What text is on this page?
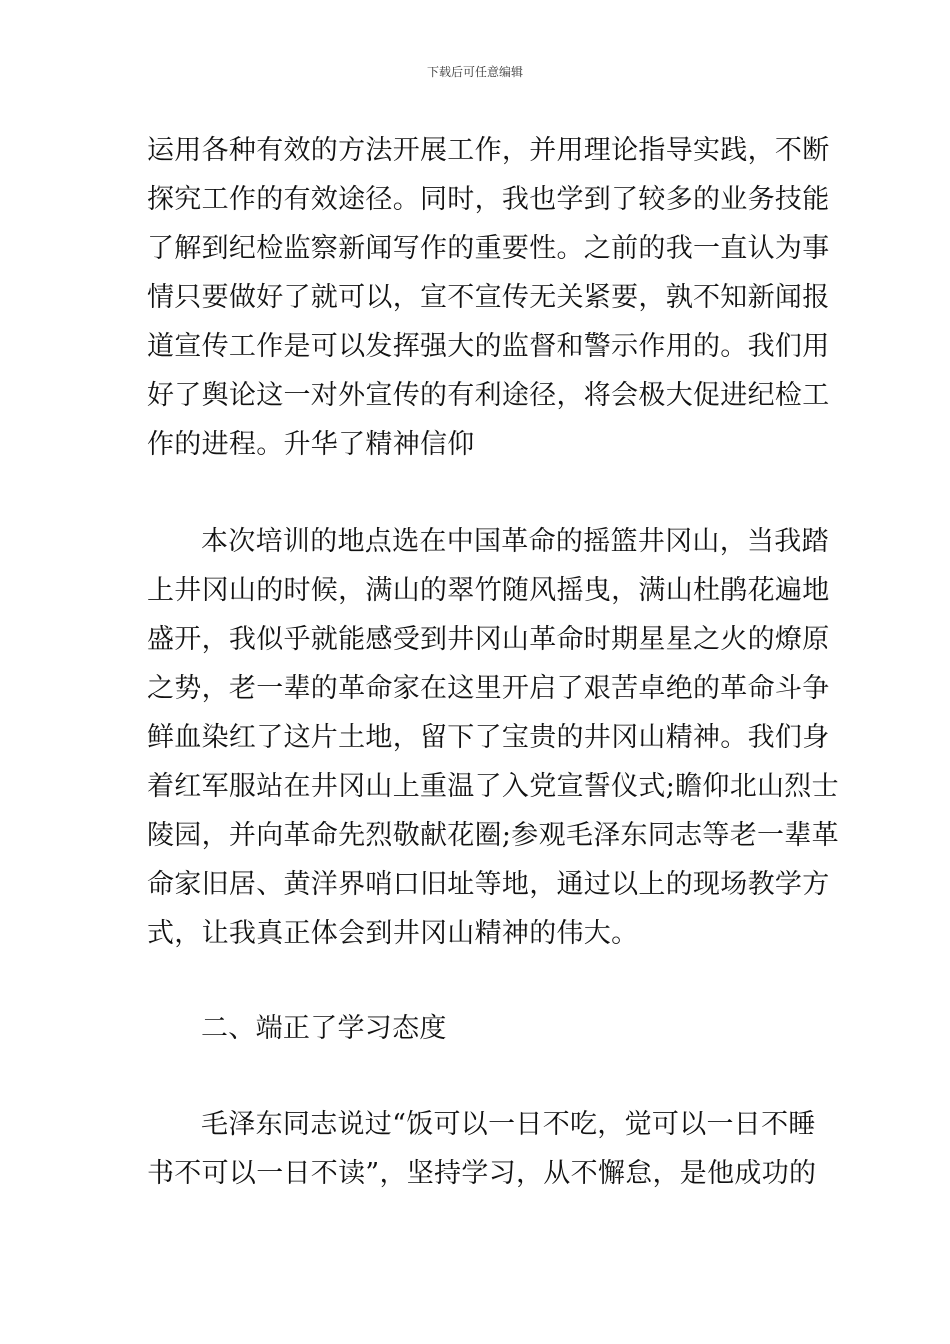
下载后可任意编辑
运用各种有效的方法开展工作，并用理论指导实践，不断
探究工作的有效途径。同时，我也学到了较多的业务技能
了解到纪检监察新闻写作的重要性。之前的我一直认为事
情只要做好了就可以，宣不宣传无关紧要，孰不知新闻报
道宣传工作是可以发挥强大的监督和警示作用的。我们用
好了舆论这一对外宣传的有利途径，将会极大促进纪检工
作的进程。升华了精神信仰
本次培训的地点选在中国革命的摇篮井冈山，当我踏
上井冈山的时候，满山的翠竹随风摇曳，满山杜鹃花遍地
盛开，我似乎就能感受到井冈山革命时期星星之火的燎原
之势，老一辈的革命家在这里开启了艰苦卓绝的革命斗争
鲜血染红了这片土地，留下了宝贵的井冈山精神。我们身
着红军服站在井冈山上重温了入党宣誓仪式;瞻仰北山烈士
陵园，并向革命先烈敬献花圈;参观毛泽东同志等老一辈革
命家旧居、黄洋界哨口旧址等地，通过以上的现场教学方
式，让我真正体会到井冈山精神的伟大。
二、端正了学习态度
毛泽东同志说过“饭可以一日不吃，觉可以一日不睡
书不可以一日不读”，坚持学习，从不懈怠，是他成功的
